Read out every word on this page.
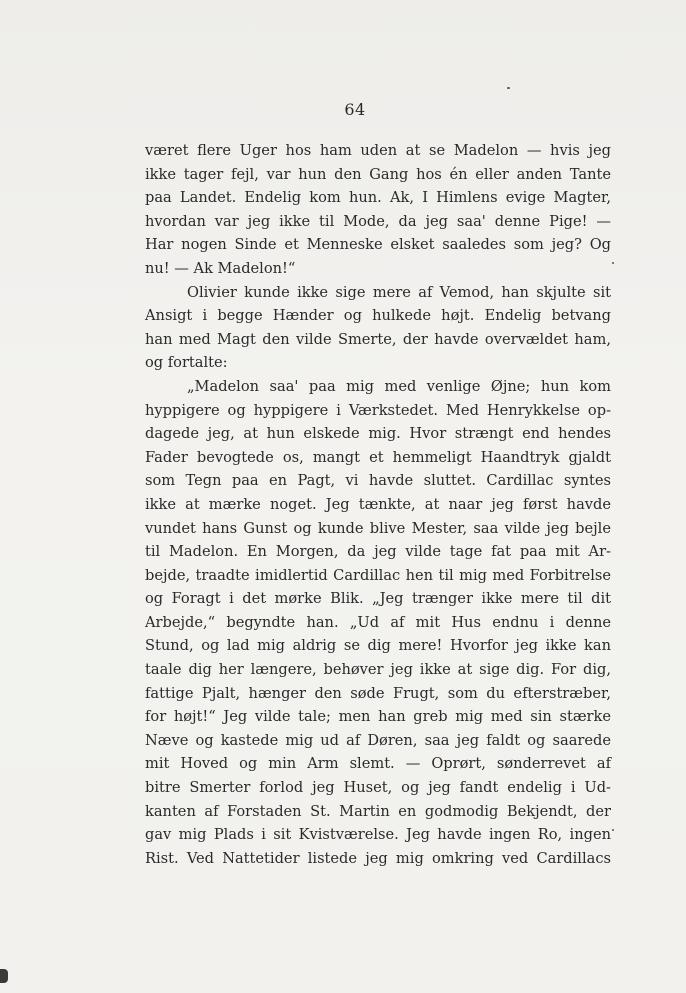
64
været flere Uger hos ham uden at se Madelon — hvis jeg
ikke tager fejl, var hun den Gang hos én eller anden Tante
paa Landet. Endelig kom hun. Ak, I Himlens evige Magter,
hvordan var jeg ikke til Mode, da jeg saa' denne Pige! —
Har nogen Sinde et Menneske elsket saaledes som jeg? Og
nu! — Ak Madelon!“
Olivier kunde ikke sige mere af Vemod, han skjulte sit
Ansigt i begge Hænder og hulkede højt. Endelig betvang
han med Magt den vilde Smerte, der havde overvældet ham,
og fortalte:
„Madelon saa' paa mig med venlige Øjne; hun kom
hyppigere og hyppigere i Værkstedet. Med Henrykkelse op-
dagede jeg, at hun elskede mig. Hvor strængt end hendes
Fader bevogtede os, mangt et hemmeligt Haandtryk gjaldt
som Tegn paa en Pagt, vi havde sluttet. Cardillac syntes
ikke at mærke noget. Jeg tænkte, at naar jeg først havde
vundet hans Gunst og kunde blive Mester, saa vilde jeg bejle
til Madelon. En Morgen, da jeg vilde tage fat paa mit Ar-
bejde, traadte imidlertid Cardillac hen til mig med Forbitrelse
og Foragt i det mørke Blik. „Jeg trænger ikke mere til dit
Arbejde,“ begyndte han. „Ud af mit Hus endnu i denne
Stund, og lad mig aldrig se dig mere! Hvorfor jeg ikke kan
taale dig her længere, behøver jeg ikke at sige dig. For dig,
fattige Pjalt, hænger den søde Frugt, som du efterstræber,
for højt!“ Jeg vilde tale; men han greb mig med sin stærke
Næve og kastede mig ud af Døren, saa jeg faldt og saarede
mit Hoved og min Arm slemt. — Oprørt, sønderrevet af
bitre Smerter forlod jeg Huset, og jeg fandt endelig i Ud-
kanten af Forstaden St. Martin en godmodig Bekjendt, der
gav mig Plads i sit Kvistværelse. Jeg havde ingen Ro, ingen
Rist. Ved Nattetider listede jeg mig omkring ved Cardillacs
